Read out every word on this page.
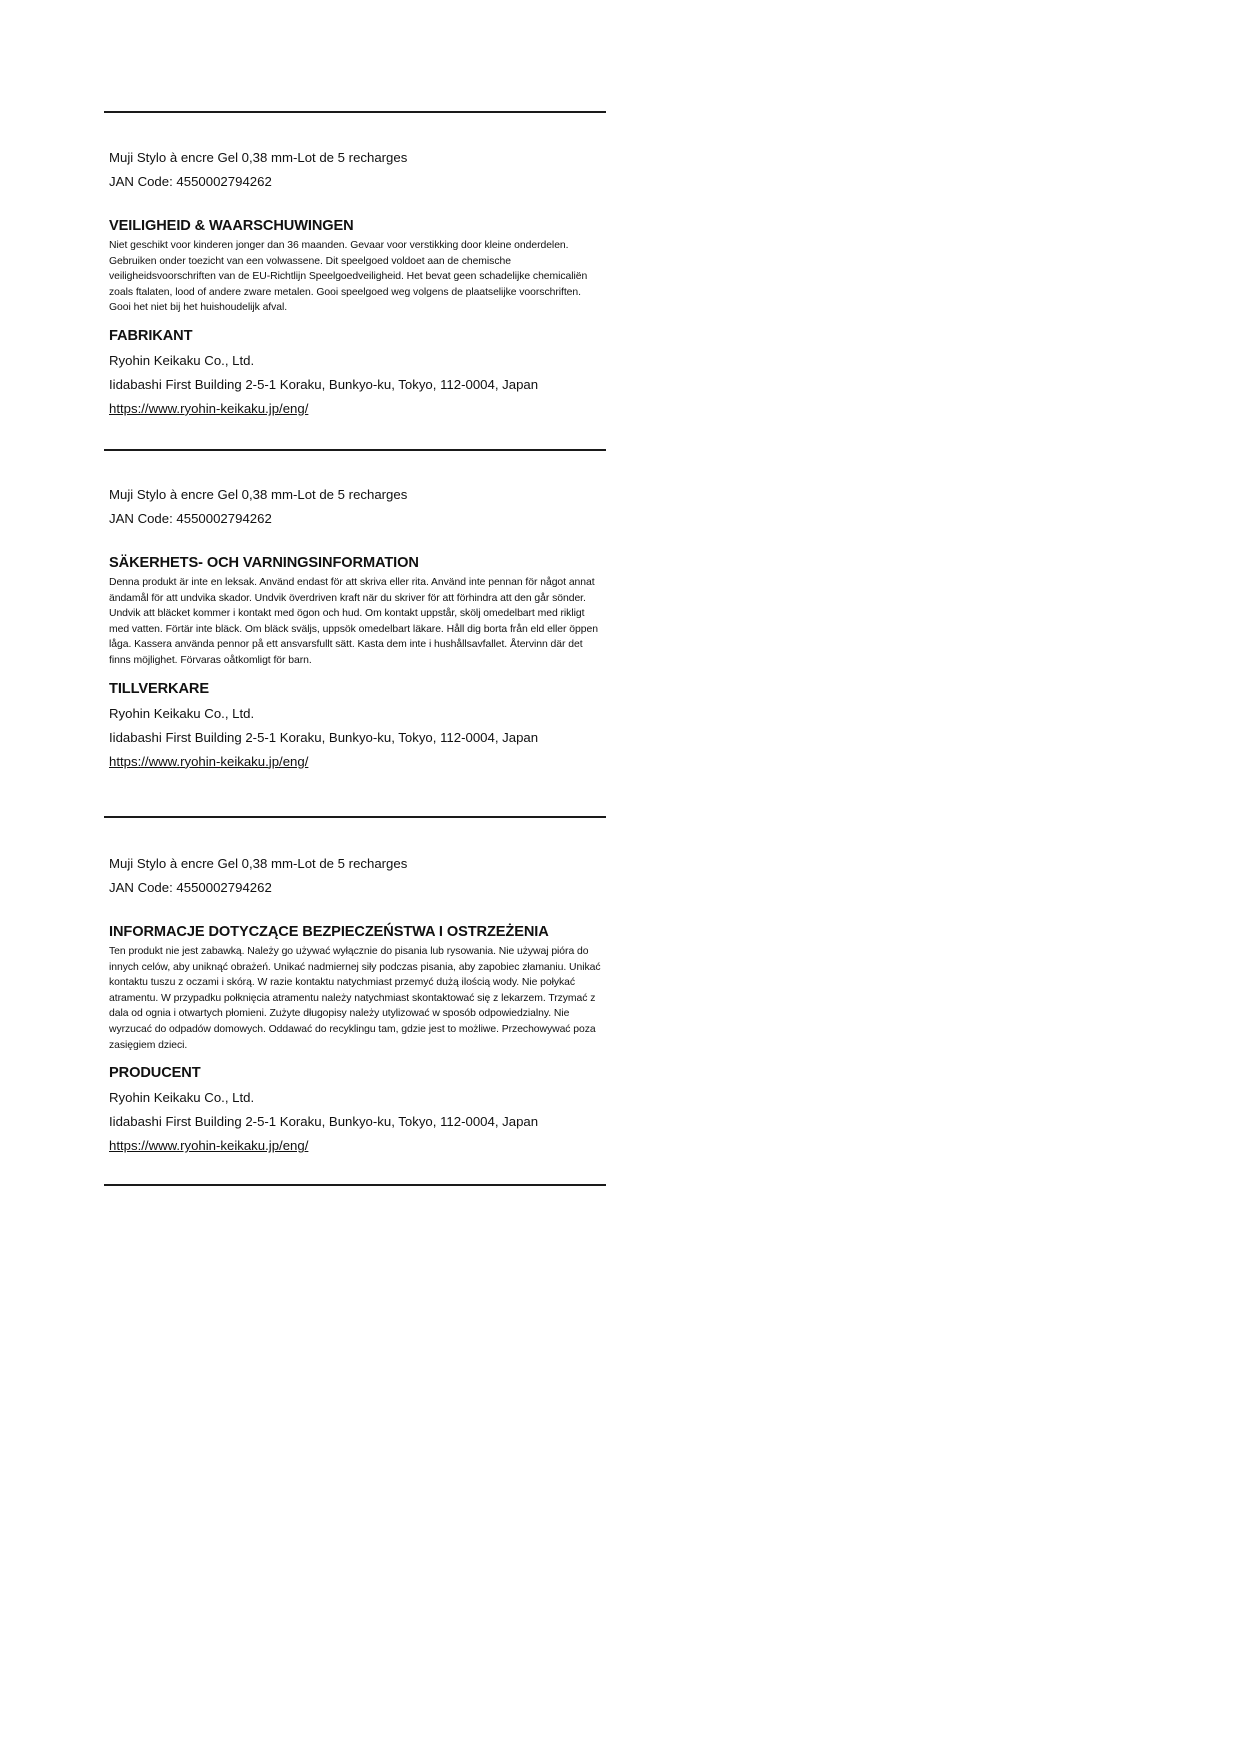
Muji Stylo à encre Gel 0,38 mm-Lot de 5 recharges
JAN Code: 4550002794262
VEILIGHEID & WAARSCHUWINGEN
Niet geschikt voor kinderen jonger dan 36 maanden. Gevaar voor verstikking door kleine onderdelen. Gebruiken onder toezicht van een volwassene. Dit speelgoed voldoet aan de chemische veiligheidsvoorschriften van de EU-Richtlijn Speelgoedveiligheid. Het bevat geen schadelijke chemicaliën zoals ftalaten, lood of andere zware metalen. Gooi speelgoed weg volgens de plaatselijke voorschriften. Gooi het niet bij het huishoudelijk afval.
FABRIKANT
Ryohin Keikaku Co., Ltd.
Iidabashi First Building 2-5-1 Koraku, Bunkyo-ku, Tokyo, 112-0004, Japan
https://www.ryohin-keikaku.jp/eng/
Muji Stylo à encre Gel 0,38 mm-Lot de 5 recharges
JAN Code: 4550002794262
SÄKERHETS- OCH VARNINGSINFORMATION
Denna produkt är inte en leksak. Använd endast för att skriva eller rita. Använd inte pennan för något annat ändamål för att undvika skador. Undvik överdriven kraft när du skriver för att förhindra att den går sönder. Undvik att bläcket kommer i kontakt med ögon och hud. Om kontakt uppstår, skölj omedelbart med rikligt med vatten. Förtär inte bläck. Om bläck sväljs, uppsök omedelbart läkare. Håll dig borta från eld eller öppen låga. Kassera använda pennor på ett ansvarsfullt sätt. Kasta dem inte i hushållsavfallet. Återvinn där det finns möjlighet. Förvaras oåtkomligt för barn.
TILLVERKARE
Ryohin Keikaku Co., Ltd.
Iidabashi First Building 2-5-1 Koraku, Bunkyo-ku, Tokyo, 112-0004, Japan
https://www.ryohin-keikaku.jp/eng/
Muji Stylo à encre Gel 0,38 mm-Lot de 5 recharges
JAN Code: 4550002794262
INFORMACJE DOTYCZĄCE BEZPIECZEŃSTWA I OSTRZEŻENIA
Ten produkt nie jest zabawką. Należy go używać wyłącznie do pisania lub rysowania. Nie używaj pióra do innych celów, aby uniknąć obrażeń. Unikać nadmiernej siły podczas pisania, aby zapobiec złamaniu. Unikać kontaktu tuszu z oczami i skórą. W razie kontaktu natychmiast przemyć dużą ilością wody. Nie połykać atramentu. W przypadku połknięcia atramentu należy natychmiast skontaktować się z lekarzem. Trzymać z dala od ognia i otwartych płomieni. Zużyte długopisy należy utylizować w sposób odpowiedzialny. Nie wyrzucać do odpadów domowych. Oddawać do recyklingu tam, gdzie jest to możliwe. Przechowywać poza zasięgiem dzieci.
PRODUCENT
Ryohin Keikaku Co., Ltd.
Iidabashi First Building 2-5-1 Koraku, Bunkyo-ku, Tokyo, 112-0004, Japan
https://www.ryohin-keikaku.jp/eng/
